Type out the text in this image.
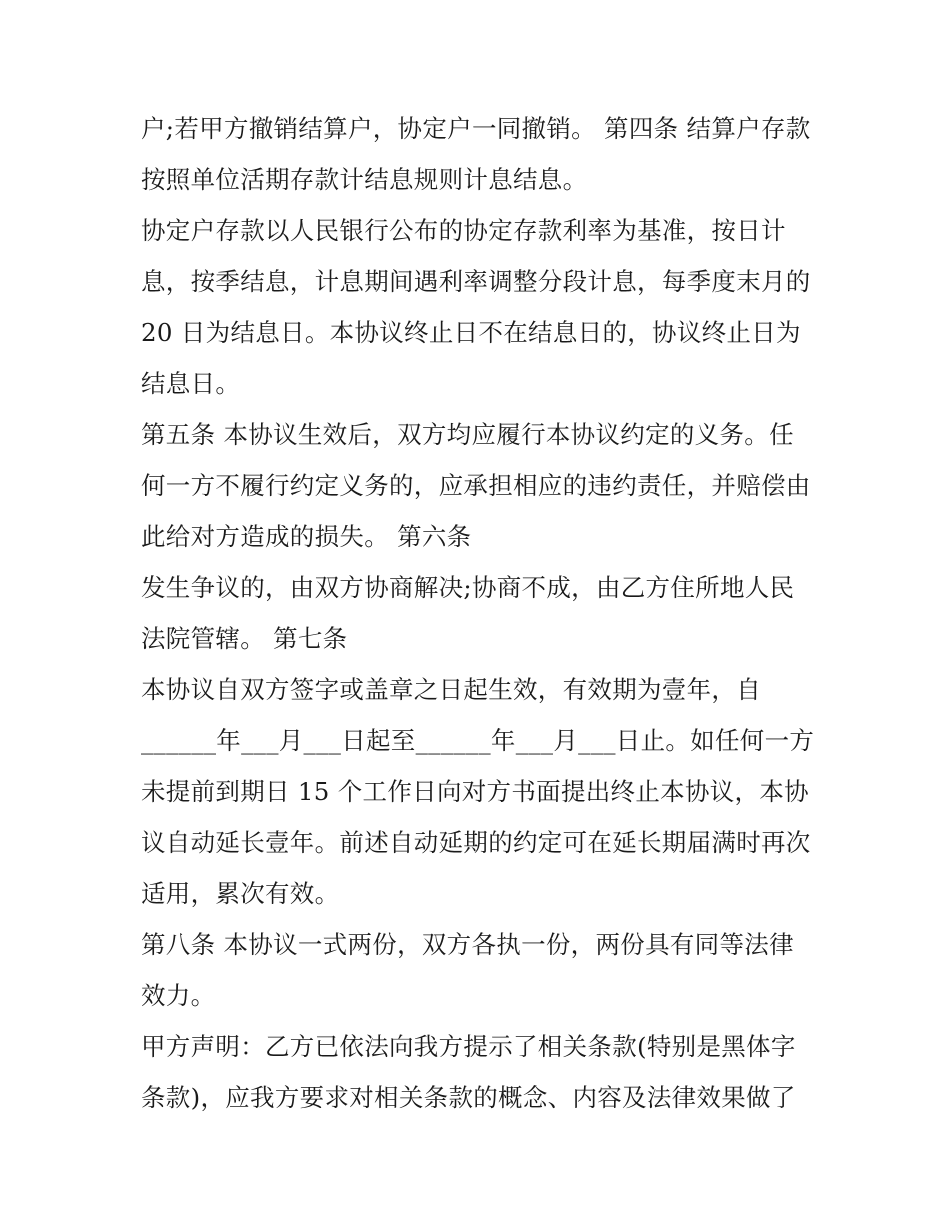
户;若甲方撤销结算户，协定户一同撤销。 第四条 结算户存款
按照单位活期存款计结息规则计息结息。
协定户存款以人民银行公布的协定存款利率为基准，按日计
息，按季结息，计息期间遇利率调整分段计息，每季度末月的
20 日为结息日。本协议终止日不在结息日的，协议终止日为
结息日。
第五条 本协议生效后，双方均应履行本协议约定的义务。任
何一方不履行约定义务的，应承担相应的违约责任，并赔偿由
此给对方造成的损失。 第六条
发生争议的，由双方协商解决;协商不成，由乙方住所地人民
法院管辖。 第七条
本协议自双方签字或盖章之日起生效，有效期为壹年，自
______年___月___日起至______年___月___日止。如任何一方
未提前到期日 15 个工作日向对方书面提出终止本协议，本协
议自动延长壹年。前述自动延期的约定可在延长期届满时再次
适用，累次有效。
第八条 本协议一式两份，双方各执一份，两份具有同等法律
效力。
甲方声明：乙方已依法向我方提示了相关条款(特别是黑体字
条款)，应我方要求对相关条款的概念、内容及法律效果做了
